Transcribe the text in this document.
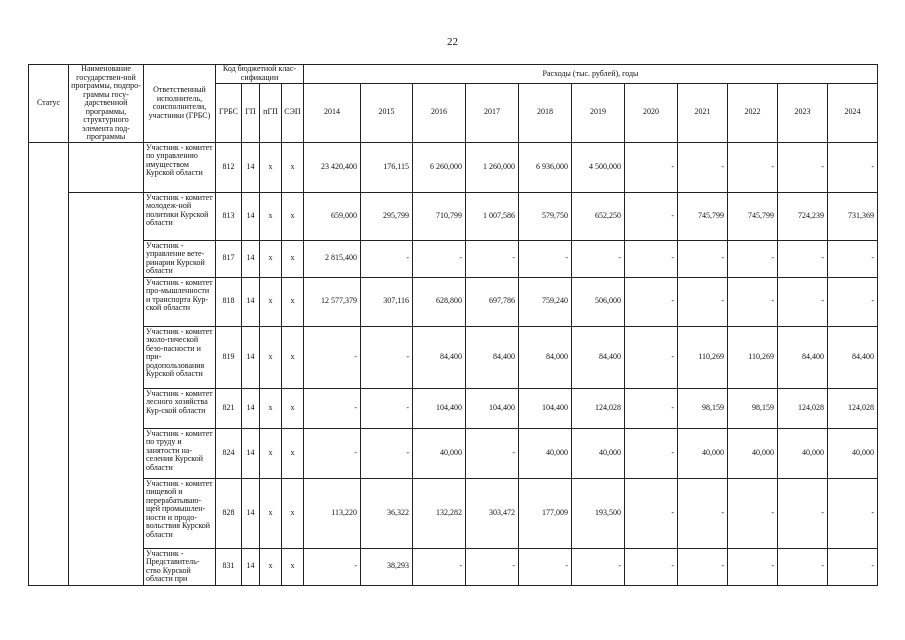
22
Статус	Наименование государствен-ной программы, подпро-граммы госу-дарственной программы, структурного элемента под-программы	Ответственный исполнитель, соисполнители, участники (ГРБС)	Код бюджетной клас-сификации				Расходы (тыс. рублей), годы										
			ГРБС	ГП	пГП	СЭП	2014	2015	2016	2017	2018	2019	2020	2021	2022	2023	2024
		Участник - комитет по управлению имуществом Курской области	812	14	х	х	23 420,400	176,115	6 260,000	1 260,000	6 936,000	4 500,000	-	-	-	-	-
		Участник - комитет молодеж-ной политики Курской области	813	14	х	х	659,000	295,799	710,799	1 007,586	579,750	652,250	-	745,799	745,799	724,239	731,369
		Участник - управление вете-ринарии Курской области	817	14	х	х	2 815,400	-	-	-	-	-	-	-	-	-	-
		Участник - комитет про-мышленности и транспорта Кур-ской области	818	14	х	х	12 577,379	307,116	628,800	697,786	759,240	506,000	-	-	-	-	-
		Участник - комитет эколо-гической безо-пасности и при-родопользования Курской области	819	14	х	х	-	-	84,400	84,400	84,000	84,400	-	110,269	110,269	84,400	84,400
		Участник - комитет лесного хозяйства Кур-ской области	821	14	х	х	-	-	104,400	104,400	104,400	124,028	-	98,159	98,159	124,028	124,028
		Участник - комитет по труду и занятости на-селения Курской области	824	14	х	х	-	-	40,000	-	40,000	40,000	-	40,000	40,000	40,000	40,000
		Участник - комитет пищевой и перерабатываю-щей промышлен-ности и продо-вольствия Курской области	828	14	х	х	113,220	36,322	132,282	303,472	177,009	193,500	-	-	-	-	-
		Участник - Представитель-ство Курской области при	831	14	х	х	-	38,293	-	-	-	-	-	-	-	-	-
